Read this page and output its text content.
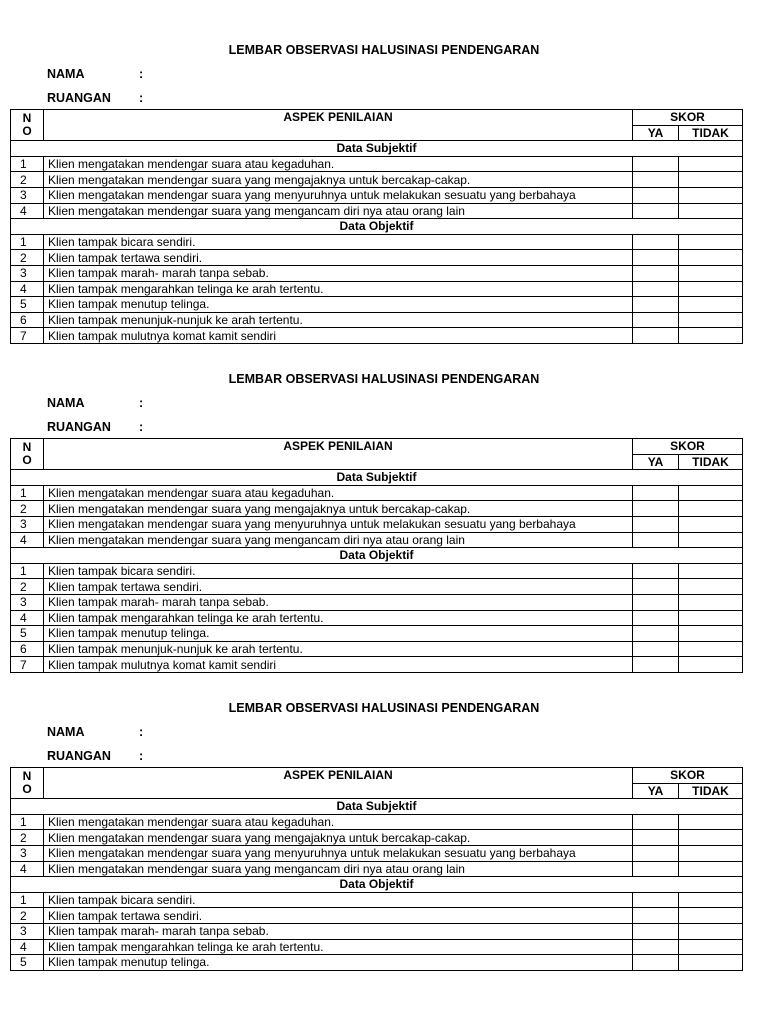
LEMBAR OBSERVASI HALUSINASI PENDENGARAN
NAMA	:
RUANGAN :
N
O	ASPEK PENILAIAN	SKOR	
		YA	TIDAK
Data Subjektif			
1	Klien mengatakan mendengar suara atau kegaduhan.		
2	Klien mengatakan mendengar suara yang mengajaknya untuk bercakap-cakap.		
3	Klien mengatakan mendengar suara yang menyuruhnya untuk melakukan sesuatu yang berbahaya		
4	Klien mengatakan mendengar suara yang mengancam diri nya atau orang lain		
Data Objektif			
1	Klien tampak bicara sendiri.		
2	Klien tampak tertawa sendiri.		
3	Klien tampak marah- marah tanpa sebab.		
4	Klien tampak mengarahkan telinga ke arah tertentu.		
5	Klien tampak menutup telinga.		
6	Klien tampak menunjuk-nunjuk ke arah tertentu.		
7	Klien tampak mulutnya komat kamit sendiri		
LEMBAR OBSERVASI HALUSINASI PENDENGARAN
NAMA	:
RUANGAN :
N
O	ASPEK PENILAIAN	SKOR	
		YA	TIDAK
Data Subjektif			
1	Klien mengatakan mendengar suara atau kegaduhan.		
2	Klien mengatakan mendengar suara yang mengajaknya untuk bercakap-cakap.		
3	Klien mengatakan mendengar suara yang menyuruhnya untuk melakukan sesuatu yang berbahaya		
4	Klien mengatakan mendengar suara yang mengancam diri nya atau orang lain		
Data Objektif			
1	Klien tampak bicara sendiri.		
2	Klien tampak tertawa sendiri.		
3	Klien tampak marah- marah tanpa sebab.		
4	Klien tampak mengarahkan telinga ke arah tertentu.		
5	Klien tampak menutup telinga.		
6	Klien tampak menunjuk-nunjuk ke arah tertentu.		
7	Klien tampak mulutnya komat kamit sendiri		
LEMBAR OBSERVASI HALUSINASI PENDENGARAN
NAMA	:
RUANGAN :
N
O	ASPEK PENILAIAN	SKOR	
		YA	TIDAK
Data Subjektif			
1	Klien mengatakan mendengar suara atau kegaduhan.		
2	Klien mengatakan mendengar suara yang mengajaknya untuk bercakap-cakap.		
3	Klien mengatakan mendengar suara yang menyuruhnya untuk melakukan sesuatu yang berbahaya		
4	Klien mengatakan mendengar suara yang mengancam diri nya atau orang lain		
Data Objektif			
1	Klien tampak bicara sendiri.		
2	Klien tampak tertawa sendiri.		
3	Klien tampak marah- marah tanpa sebab.		
4	Klien tampak mengarahkan telinga ke arah tertentu.		
5	Klien tampak menutup telinga.		
